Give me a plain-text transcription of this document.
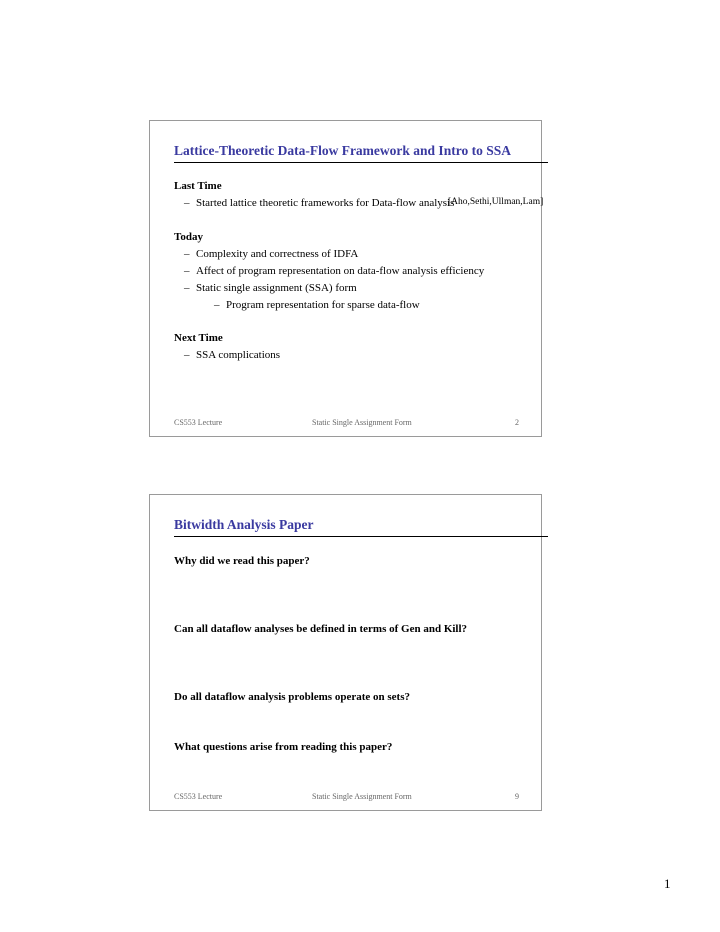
Lattice-Theoretic Data-Flow Framework and Intro to SSA
Last Time
– Started lattice theoretic frameworks for Data-flow analysis
[Aho,Sethi,Ullman,Lam]
Today
– Complexity and correctness of IDFA
– Affect of program representation on data-flow analysis efficiency
– Static single assignment (SSA) form
– Program representation for sparse data-flow
Next Time
– SSA complications
CS553 Lecture	Static Single Assignment Form	2
Bitwidth Analysis Paper
Why did we read this paper?
Can all dataflow analyses be defined in terms of Gen and Kill?
Do all dataflow analysis problems operate on sets?
What questions arise from reading this paper?
CS553 Lecture	Static Single Assignment Form	9
1
